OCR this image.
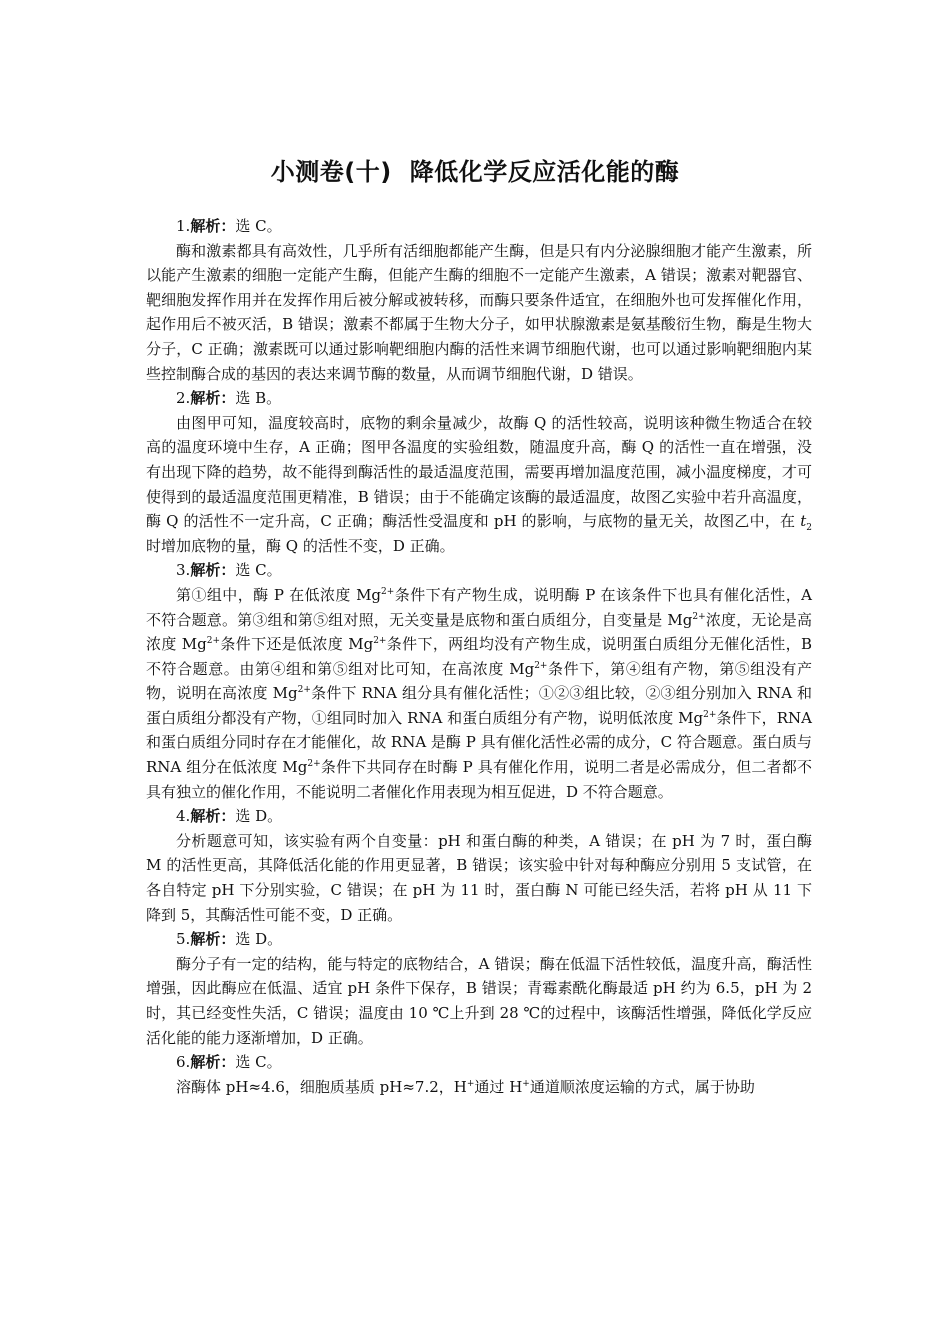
小测卷(十) 降低化学反应活化能的酶

1.解析：选 C。

酶和激素都具有高效性，几乎所有活细胞都能产生酶，但是只有内分泌腺细胞才能产生激素，所以能产生激素的细胞一定能产生酶，但能产生酶的细胞不一定能产生激素，A 错误；激素对靶器官、靶细胞发挥作用并在发挥作用后被分解或被转移，而酶只要条件适宜，在细胞外也可发挥催化作用，起作用后不被灭活，B 错误；激素不都属于生物大分子，如甲状腺激素是氨基酸衍生物，酶是生物大分子，C 正确；激素既可以通过影响靶细胞内酶的活性来调节细胞代谢，也可以通过影响靶细胞内某些控制酶合成的基因的表达来调节酶的数量，从而调节细胞代谢，D 错误。

2.解析：选 B。

由图甲可知，温度较高时，底物的剩余量减少，故酶 Q 的活性较高，说明该种微生物适合在较高的温度环境中生存，A 正确；图甲各温度的实验组数，随温度升高，酶 Q 的活性一直在增强，没有出现下降的趋势，故不能得到酶活性的最适温度范围，需要再增加温度范围，减小温度梯度，才可使得到的最适温度范围更精准，B 错误；由于不能确定该酶的最适温度，故图乙实验中若升高温度，酶 Q 的活性不一定升高，C 正确；酶活性受温度和 pH 的影响，与底物的量无关，故图乙中，在 $t_2$时增加底物的量，酶 Q 的活性不变，D 正确。

3.解析：选 C。

第①组中，酶 P 在低浓度 $Mg^{2+}$条件下有产物生成，说明酶 P 在该条件下也具有催化活性，A 不符合题意。第③组和第⑤组对照，无关变量是底物和蛋白质组分，自变量是 $Mg^{2+}$浓度，无论是高浓度 $Mg^{2+}$条件下还是低浓度 $Mg^{2+}$条件下，两组均没有产物生成，说明蛋白质组分无催化活性，B 不符合题意。由第④组和第⑤组对比可知，在高浓度 $Mg^{2+}$条件下，第④组有产物，第⑤组没有产物，说明在高浓度 $Mg^{2+}$条件下 RNA 组分具有催化活性；①②③组比较，②③组分别加入 RNA 和蛋白质组分都没有产物，①组同时加入 RNA 和蛋白质组分有产物，说明低浓度 $Mg^{2+}$条件下，RNA 和蛋白质组分同时存在才能催化，故 RNA 是酶 P 具有催化活性必需的成分，C 符合题意。蛋白质与 RNA 组分在低浓度 $Mg^{2+}$条件下共同存在时酶 P 具有催化作用，说明二者是必需成分，但二者都不具有独立的催化作用，不能说明二者催化作用表现为相互促进，D 不符合题意。

4.解析：选 D。

分析题意可知，该实验有两个自变量：pH 和蛋白酶的种类，A 错误；在 pH 为 7 时，蛋白酶 M 的活性更高，其降低活化能的作用更显著，B 错误；该实验中针对每种酶应分别用 5 支试管，在各自特定 pH 下分别实验，C 错误；在 pH 为 11 时，蛋白酶 N 可能已经失活，若将 pH 从 11 下降到 5，其酶活性可能不变，D 正确。

5.解析：选 D。

酶分子有一定的结构，能与特定的底物结合，A 错误；酶在低温下活性较低，温度升高，酶活性增强，因此酶应在低温、适宜 pH 条件下保存，B 错误；青霉素酰化酶最适 pH 约为 6.5，pH 为 2 时，其已经变性失活，C 错误；温度由 10 ℃上升到 28 ℃的过程中，该酶活性增强，降低化学反应活化能的能力逐渐增加，D 正确。

6.解析：选 C。

溶酶体 pH≈4.6，细胞质基质 pH≈7.2，H+通过 H+通道顺浓度运输的方式，属于协助
